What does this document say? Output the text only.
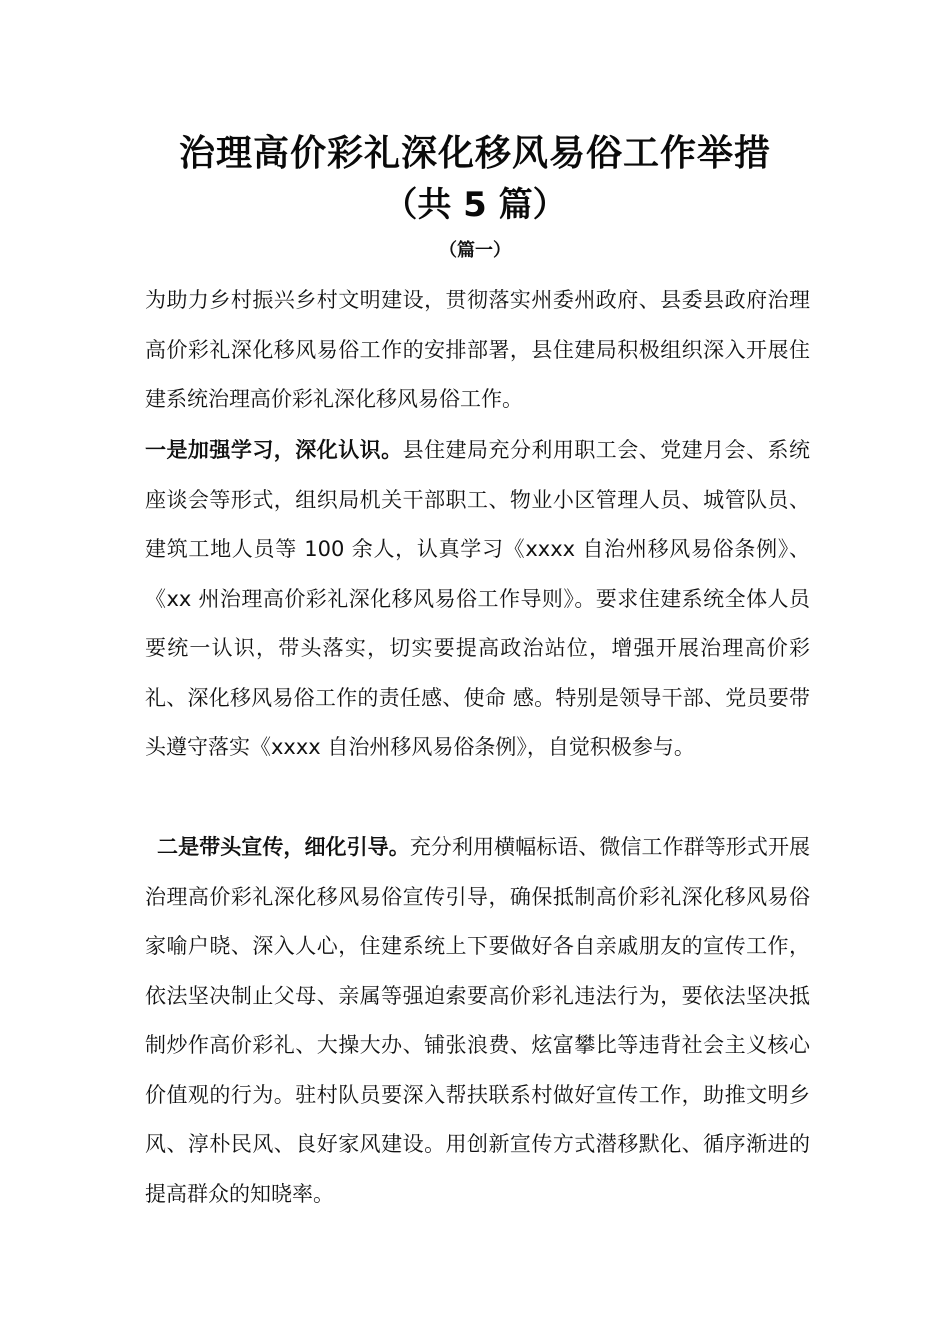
治理高价彩礼深化移风易俗工作举措
（共 5 篇）
（篇一）

为助力乡村振兴乡村文明建设，贯彻落实州委州政府、县委县政府治理高价彩礼深化移风易俗工作的安排部署，县住建局积极组织深入开展住建系统治理高价彩礼深化移风易俗工作。

一是加强学习，深化认识。县住建局充分利用职工会、党建月会、系统座谈会等形式，组织局机关干部职工、物业小区管理人员、城管队员、建筑工地人员等 100 余人，认真学习《xxxx 自治州移风易俗条例》、《xx 州治理高价彩礼深化移风易俗工作导则》。要求住建系统全体人员要统一认识，带头落实，切实要提高政治站位，增强开展治理高价彩礼、深化移风易俗工作的责任感、使命 感。特别是领导干部、党员要带头遵守落实《xxxx 自治州移风易俗条例》，自觉积极参与。

二是带头宣传，细化引导。充分利用横幅标语、微信工作群等形式开展治理高价彩礼深化移风易俗宣传引导，确保抵制高价彩礼深化移风易俗家喻户晓、深入人心，住建系统上下要做好各自亲戚朋友的宣传工作，依法坚决制止父母、亲属等强迫索要高价彩礼违法行为，要依法坚决抵制炒作高价彩礼、大操大办、铺张浪费、炫富攀比等违背社会主义核心价值观的行为。驻村队员要深入帮扶联系村做好宣传工作，助推文明乡风、淳朴民风、良好家风建设。用创新宣传方式潜移默化、循序渐进的提高群众的知晓率。
